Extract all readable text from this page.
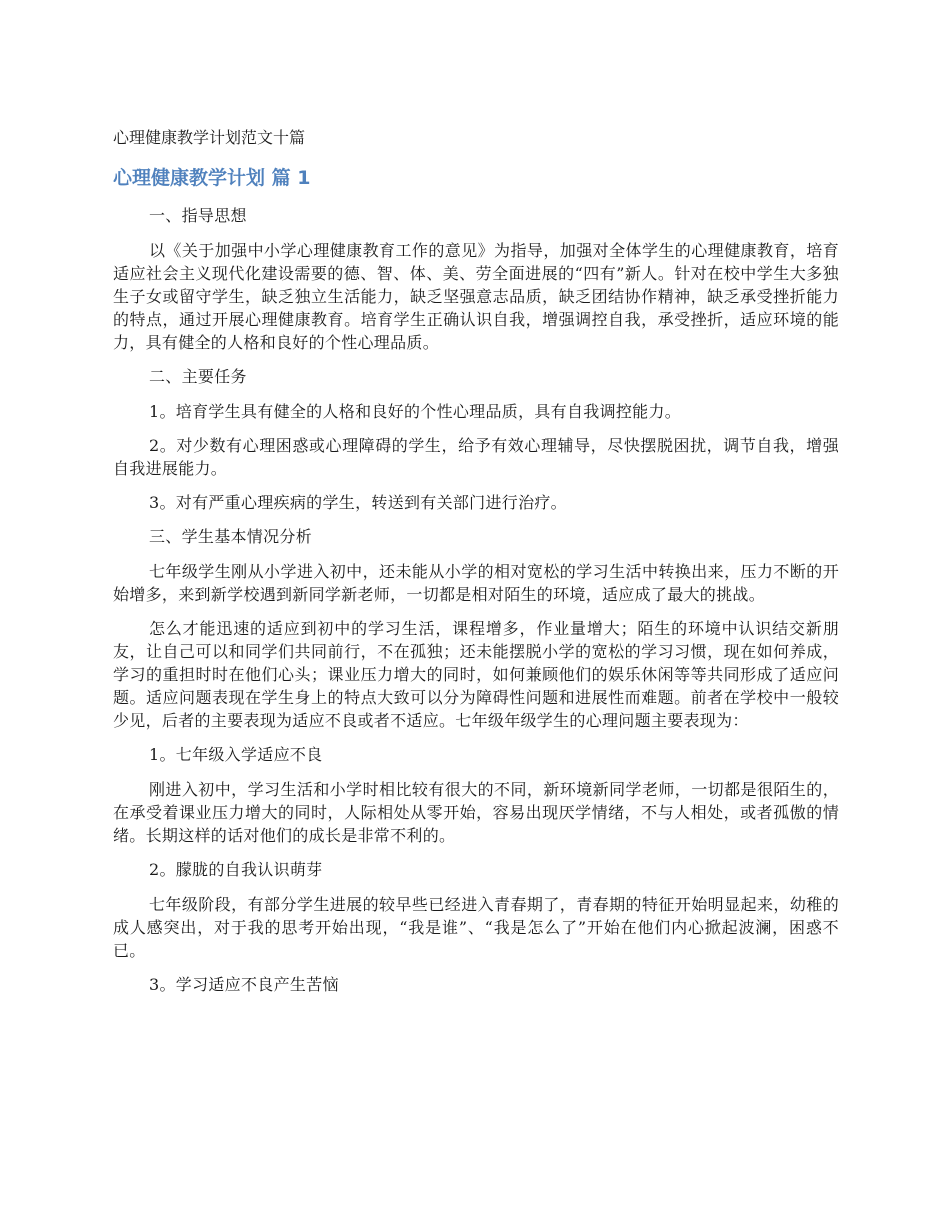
心理健康教学计划范文十篇
心理健康教学计划 篇 1

一、指导思想

以《关于加强中小学心理健康教育工作的意见》为指导，加强对全体学生的心理健康教育，培育适应社会主义现代化建设需要的德、智、体、美、劳全面进展的“四有”新人。针对在校中学生大多独生子女或留守学生，缺乏独立生活能力，缺乏坚强意志品质，缺乏团结协作精神，缺乏承受挫折能力的特点，通过开展心理健康教育。培育学生正确认识自我，增强调控自我，承受挫折，适应环境的能力，具有健全的人格和良好的个性心理品质。

二、主要任务

1。培育学生具有健全的人格和良好的个性心理品质，具有自我调控能力。

2。对少数有心理困惑或心理障碍的学生，给予有效心理辅导，尽快摆脱困扰，调节自我，增强自我进展能力。

3。对有严重心理疾病的学生，转送到有关部门进行治疗。

三、学生基本情况分析

七年级学生刚从小学进入初中，还未能从小学的相对宽松的学习生活中转换出来，压力不断的开始增多，来到新学校遇到新同学新老师，一切都是相对陌生的环境，适应成了最大的挑战。

怎么才能迅速的适应到初中的学习生活，课程增多，作业量增大；陌生的环境中认识结交新朋友，让自己可以和同学们共同前行，不在孤独；还未能摆脱小学的宽松的学习习惯，现在如何养成，学习的重担时时在他们心头；课业压力增大的同时，如何兼顾他们的娱乐休闲等等共同形成了适应问题。适应问题表现在学生身上的特点大致可以分为障碍性问题和进展性而难题。前者在学校中一般较少见，后者的主要表现为适应不良或者不适应。七年级年级学生的心理问题主要表现为：

1。七年级入学适应不良

刚进入初中，学习生活和小学时相比较有很大的不同，新环境新同学老师，一切都是很陌生的，在承受着课业压力增大的同时，人际相处从零开始，容易出现厌学情绪，不与人相处，或者孤傲的情绪。长期这样的话对他们的成长是非常不利的。

2。朦胧的自我认识萌芽

七年级阶段，有部分学生进展的较早些已经进入青春期了，青春期的特征开始明显起来，幼稚的成人感突出，对于我的思考开始出现，“我是谁”、“我是怎么了”开始在他们内心掀起波澜，困惑不已。

3。学习适应不良产生苦恼
